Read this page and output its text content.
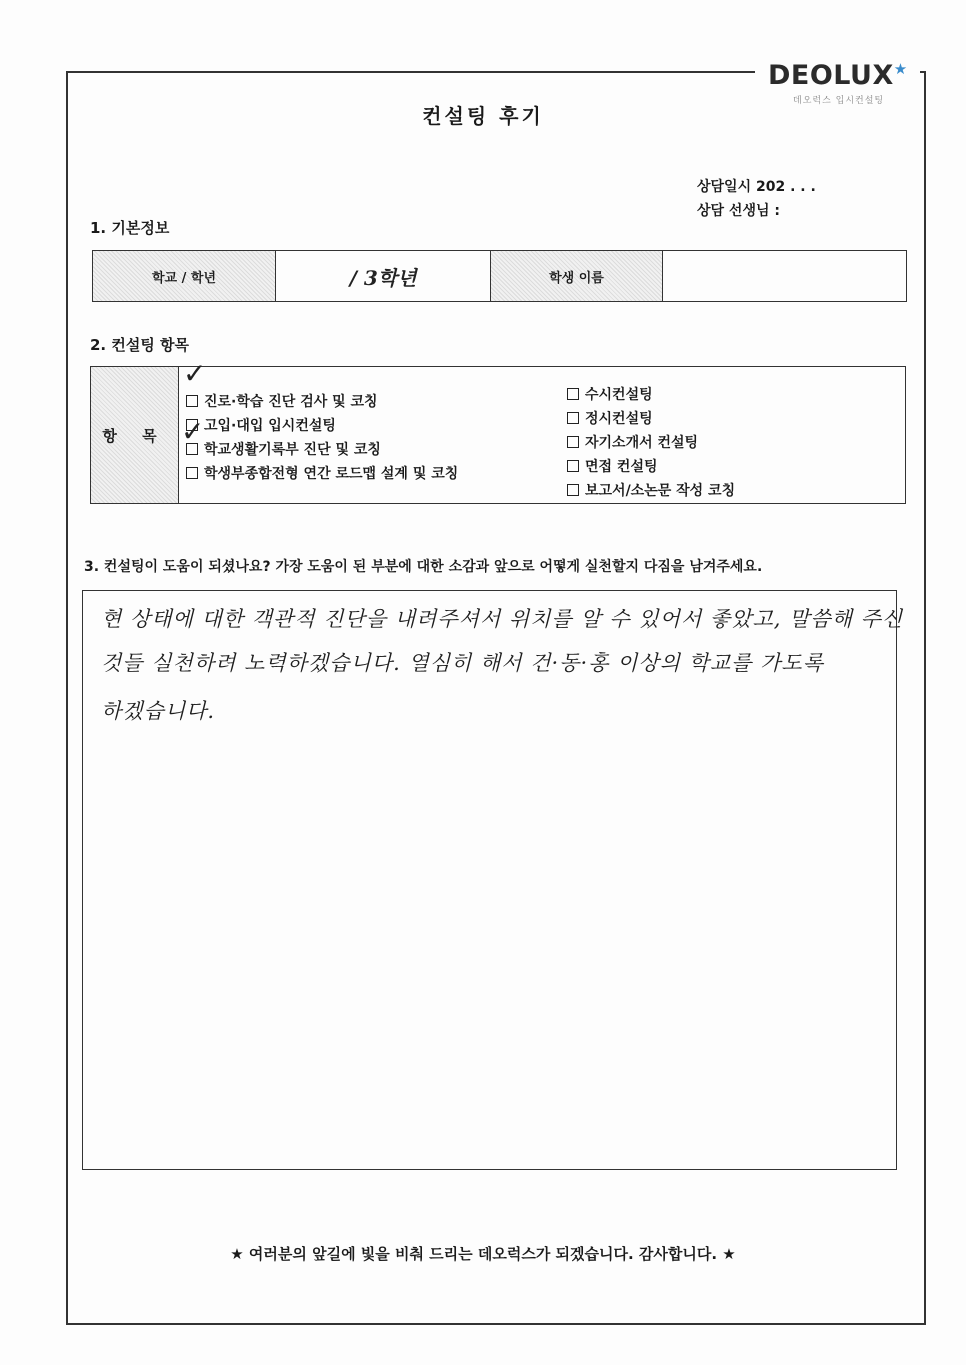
DEOLUX★
데오럭스 입시컨설팅
컨설팅 후기
상담일시 202 . . .
상담 선생님 :
1. 기본정보
학교 / 학년	/ 3학년	학생 이름
2. 컨설팅 항목
항 목
진로·학습 진단 검사 및 코칭
고입·대입 입시컨설팅
학교생활기록부 진단 및 코칭
학생부종합전형 연간 로드맵 설계 및 코칭
✓
✓
수시컨설팅
정시컨설팅
자기소개서 컨설팅
면접 컨설팅
보고서/소논문 작성 코칭
3. 컨설팅이 도움이 되셨나요? 가장 도움이 된 부분에 대한 소감과 앞으로 어떻게 실천할지 다짐을 남겨주세요.
현 상태에 대한 객관적 진단을 내려주셔서 위치를 알 수 있어서 좋았고, 말씀해 주신
것들 실천하려 노력하겠습니다. 열심히 해서 건·동·홍 이상의 학교를 가도록
하겠습니다.
★ 여러분의 앞길에 빛을 비춰 드리는 데오럭스가 되겠습니다. 감사합니다. ★
